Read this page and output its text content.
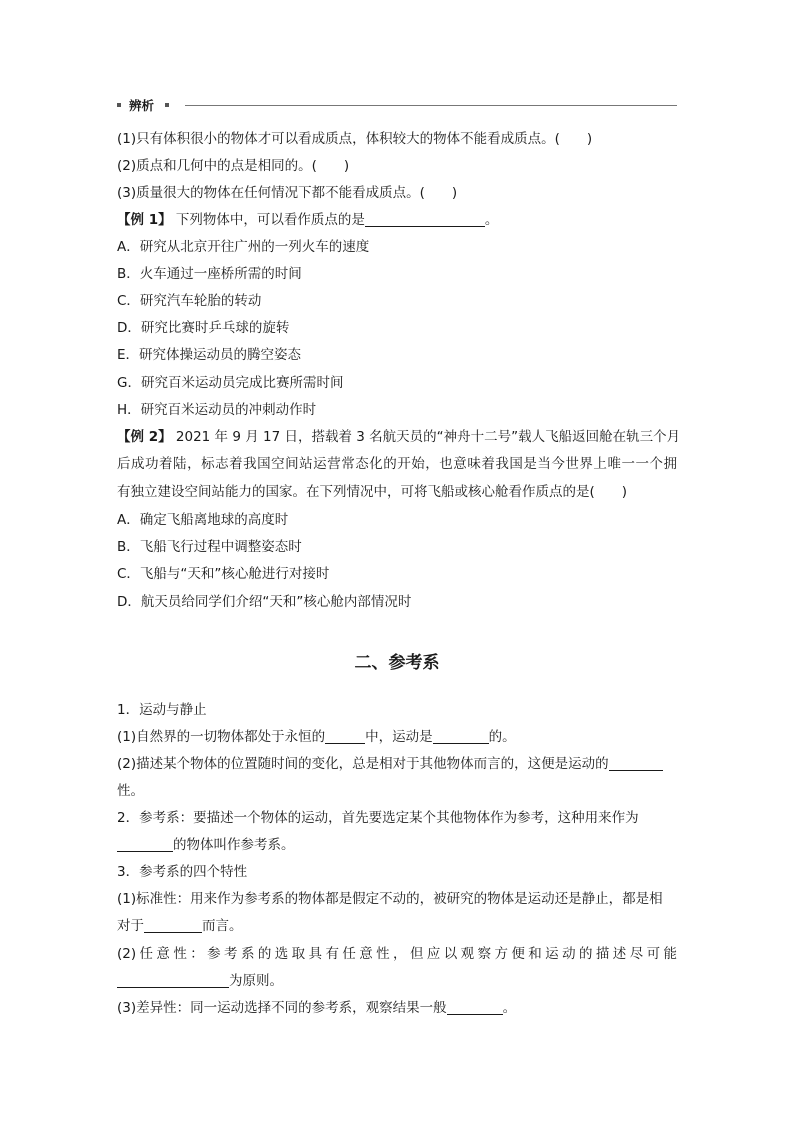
辨析
(1)只有体积很小的物体才可以看成质点，体积较大的物体不能看成质点。(　　)
(2)质点和几何中的点是相同的。(　　)
(3)质量很大的物体在任何情况下都不能看成质点。(　　)
【例 1】 下列物体中，可以看作质点的是	。
A．研究从北京开往广州的一列火车的速度
B．火车通过一座桥所需的时间
C．研究汽车轮胎的转动
D．研究比赛时乒乓球的旋转
E．研究体操运动员的腾空姿态
G．研究百米运动员完成比赛所需时间
H．研究百米运动员的冲刺动作时
【例 2】 2021 年 9 月 17 日，搭载着 3 名航天员的“神舟十二号”载人飞船返回舱在轨三个月
后成功着陆，标志着我国空间站运营常态化的开始，也意味着我国是当今世界上唯一一个拥
有独立建设空间站能力的国家。在下列情况中，可将飞船或核心舱看作质点的是(　　)
A．确定飞船离地球的高度时
B．飞船飞行过程中调整姿态时
C．飞船与“天和”核心舱进行对接时
D．航天员给同学们介绍“天和”核心舱内部情况时
二、参考系
1．运动与静止
(1)自然界的一切物体都处于永恒的	中，运动是	的。
(2)描述某个物体的位置随时间的变化，总是相对于其他物体而言的，这便是运动的
性。
2．参考系：要描述一个物体的运动，首先要选定某个其他物体作为参考，这种用来作为
的物体叫作参考系。
3．参考系的四个特性
(1)标准性：用来作为参考系的物体都是假定不动的，被研究的物体是运动还是静止，都是相
对于	而言。
(2)任意性：参考系的选取具有任意性，但应以观察方便和运动的描述尽可能
为原则。
(3)差异性：同一运动选择不同的参考系，观察结果一般	。
